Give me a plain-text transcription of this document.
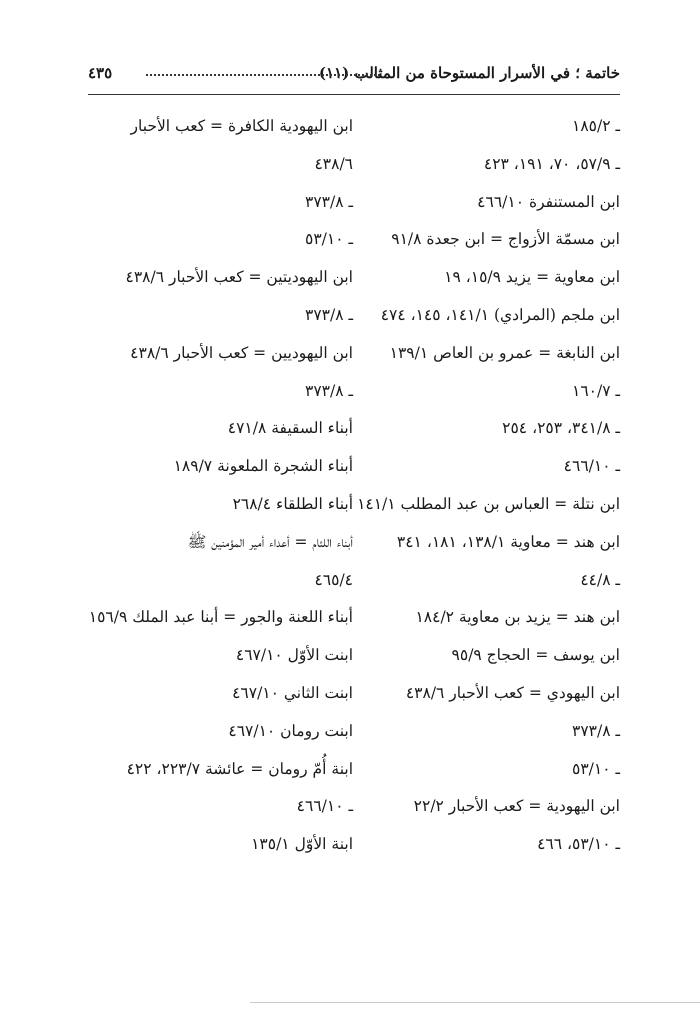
خاتمة ؛ في الأسرار المستوحاة من المثالب (١١)
٤٣٥
ـ ١٨٥/٢
ـ ٥٧/٩، ٧٠، ١٩١، ٤٢٣
ابن المستنفرة ٤٦٦/١٠
ابن مسمّة الأزواج = ابن جعدة ٩١/٨
ابن معاوية = يزيد ١٥/٩، ١٩
ابن ملجم (المرادي) ١٤١/١، ١٤٥، ٤٧٤
ابن النابغة = عمرو بن العاص ١٣٩/١
ـ ١٦٠/٧
ـ ٣٤١/٨، ٢٥٣، ٢٥٤
ـ ٤٦٦/١٠
ابن نتلة = العباس بن عبد المطلب ١٤١/١
ابن هند = معاوية ١٣٨/١، ١٨١، ٣٤١
ـ ٤٤/٨
ابن هند = يزيد بن معاوية ١٨٤/٢
ابن يوسف = الحجاج ٩٥/٩
ابن اليهودي = كعب الأحبار ٤٣٨/٦
ـ ٣٧٣/٨
ـ ٥٣/١٠
ابن اليهودية = كعب الأحبار ٢٢/٢
ـ ٥٣/١٠، ٤٦٦
ابن اليهودية الكافرة = كعب الأحبار
٤٣٨/٦
ـ ٣٧٣/٨
ـ ٥٣/١٠
ابن اليهوديتين = كعب الأحبار ٤٣٨/٦
ـ ٣٧٣/٨
ابن اليهوديين = كعب الأحبار ٤٣٨/٦
ـ ٣٧٣/٨
أبناء السقيفة ٤٧١/٨
أبناء الشجرة الملعونة ١٨٩/٧
أبناء الطلقاء ٢٦٨/٤
أبناء اللئام = أعداء أمير المؤمنين ﷺ
٤٦٥/٤
أبناء اللعنة والجور = أبنا عبد الملك ١٥٦/٩
ابنت الأوّل ٤٦٧/١٠
ابنت الثاني ٤٦٧/١٠
ابنت رومان ٤٦٧/١٠
ابنة أُمّ رومان = عائشة ٢٢٣/٧، ٤٢٢
ـ ٤٦٦/١٠
ابنة الأوّل ١٣٥/١
